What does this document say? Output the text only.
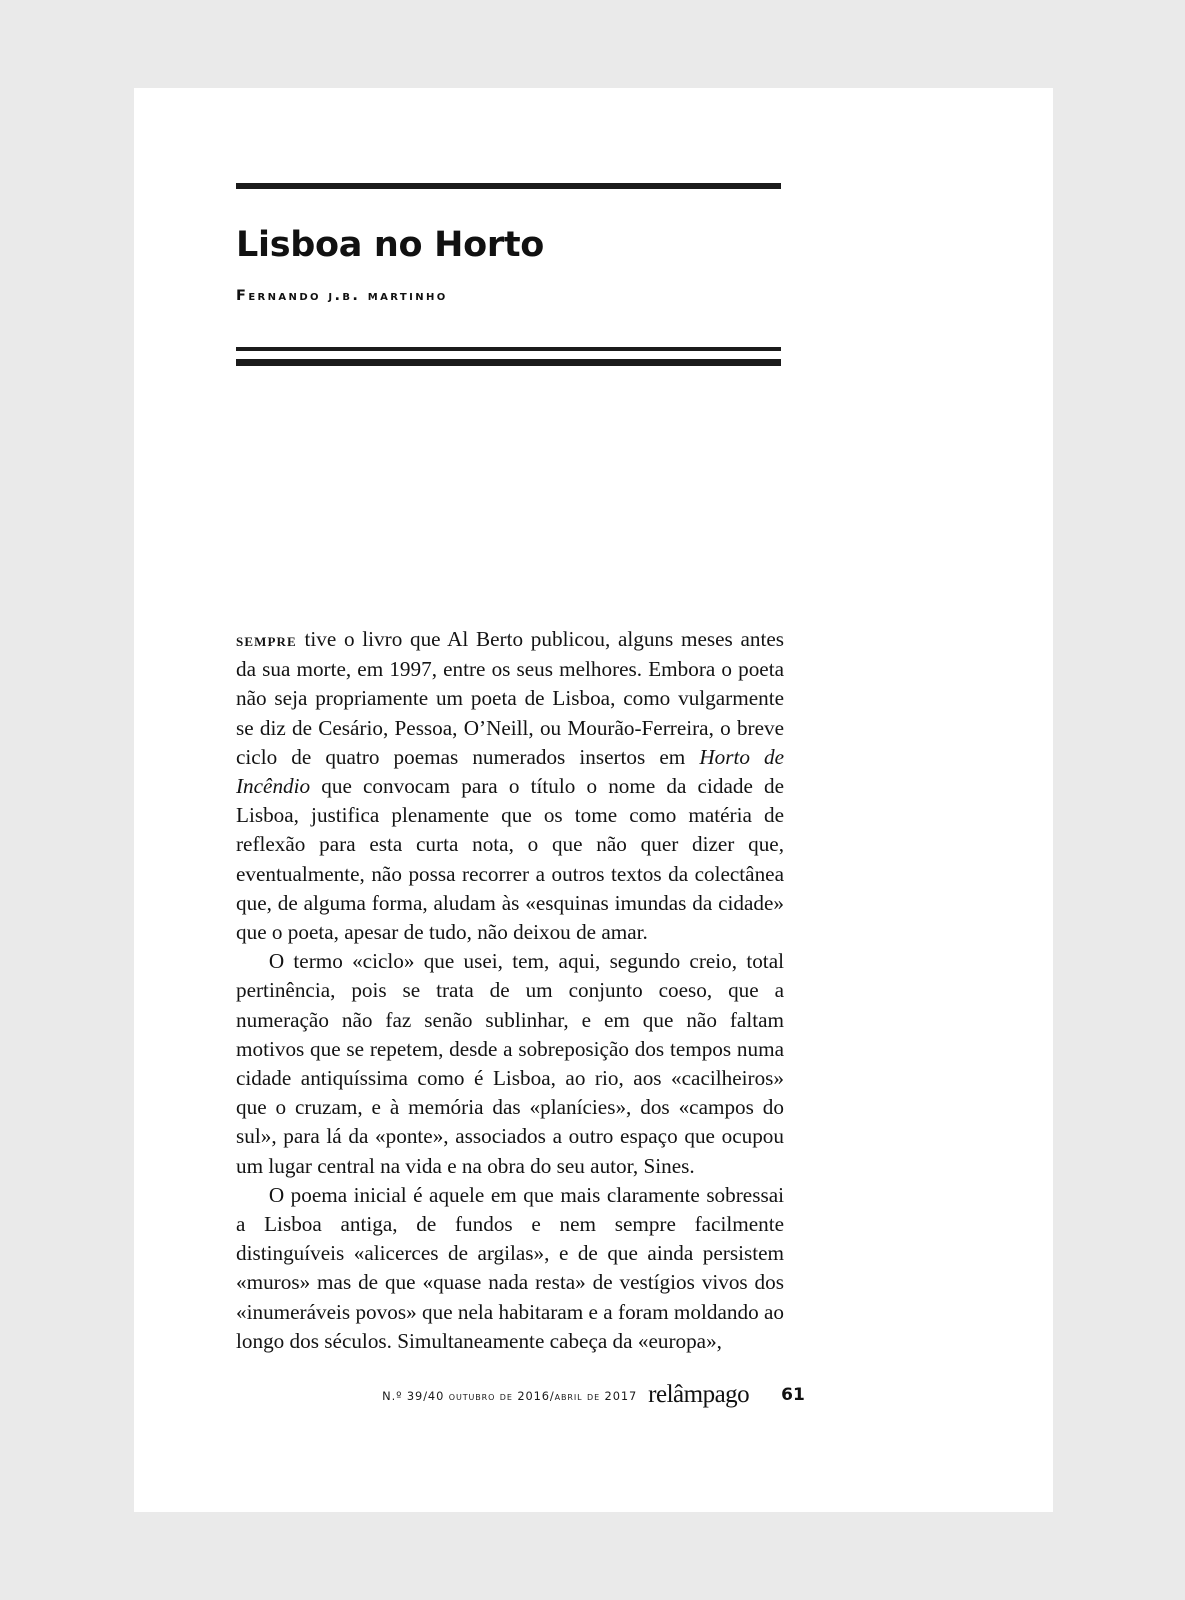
Lisboa no Horto
Fernando j.b. martinho

sempre tive o livro que Al Berto publicou, alguns meses antes da sua morte, em 1997, entre os seus melhores. Embora o poeta não seja propriamente um poeta de Lisboa, como vulgarmente se diz de Cesário, Pessoa, O’Neill, ou Mourão-Ferreira, o breve ciclo de quatro poemas numerados insertos em Horto de Incêndio que convocam para o título o nome da cidade de Lisboa, justifica plenamente que os tome como matéria de reflexão para esta curta nota, o que não quer dizer que, eventualmente, não possa recorrer a outros textos da colectânea que, de alguma forma, aludam às «esquinas imundas da cidade» que o poeta, apesar de tudo, não deixou de amar.

O termo «ciclo» que usei, tem, aqui, segundo creio, total pertinência, pois se trata de um conjunto coeso, que a numeração não faz senão sublinhar, e em que não faltam motivos que se repetem, desde a sobreposição dos tempos numa cidade antiquíssima como é Lisboa, ao rio, aos «cacilheiros» que o cruzam, e à memória das «planícies», dos «campos do sul», para lá da «ponte», associados a outro espaço que ocupou um lugar central na vida e na obra do seu autor, Sines.

O poema inicial é aquele em que mais claramente sobressai a Lisboa antiga, de fundos e nem sempre facilmente distinguíveis «alicerces de argilas», e de que ainda persistem «muros» mas de que «quase nada resta» de vestígios vivos dos «inumeráveis povos» que nela habitaram e a foram moldando ao longo dos séculos. Simultaneamente cabeça da «europa»,

N.º 39/40 outubro de 2016/abril de 2017 relâmpago 61
